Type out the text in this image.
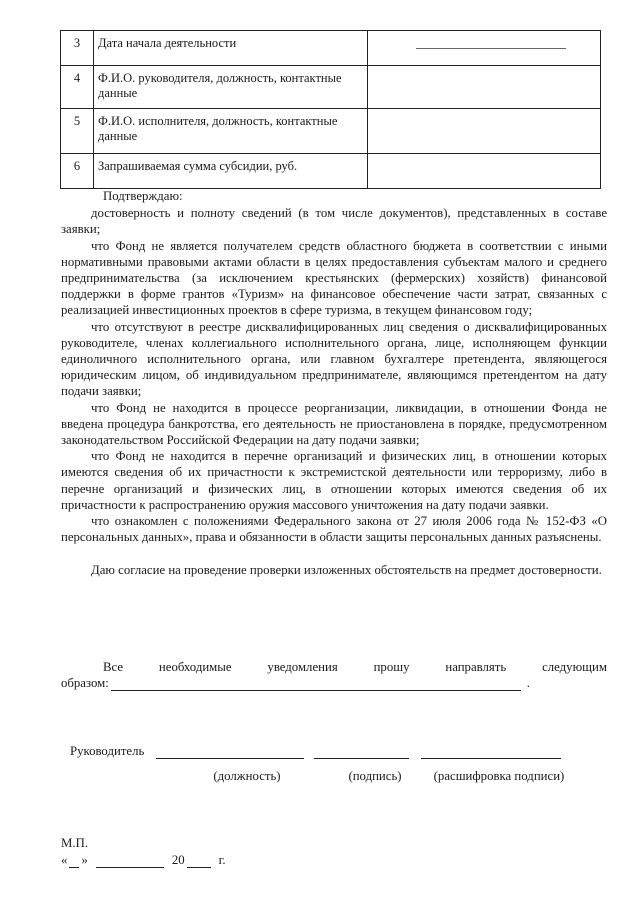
3	Дата начала деятельности	

4	Ф.И.О. руководителя, должность, контактные данные	
5	Ф.И.О. исполнителя, должность, контактные данные	
6	Запрашиваемая сумма субсидии, руб.	

Подтверждаю:

достоверность и полноту сведений (в том числе документов), представленных в составе заявки;

что Фонд не является получателем средств областного бюджета в соответствии с иными нормативными правовыми актами области в целях предоставления субъектам малого и среднего предпринимательства (за исключением крестьянских (фермерских) хозяйств) финансовой поддержки в форме грантов «Туризм» на финансовое обеспечение части затрат, связанных с реализацией инвестиционных проектов в сфере туризма, в текущем финансовом году;

что отсутствуют в реестре дисквалифицированных лиц сведения о дисквалифицированных руководителе, членах коллегиального исполнительного органа, лице, исполняющем функции единоличного исполнительного органа, или главном бухгалтере претендента, являющегося юридическим лицом, об индивидуальном предпринимателе, являющимся претендентом на дату подачи заявки;

что Фонд не находится в процессе реорганизации, ликвидации, в отношении Фонда не введена процедура банкротства, его деятельность не приостановлена в порядке, предусмотренном законодательством Российской Федерации на дату подачи заявки;

что Фонд не находится в перечне организаций и физических лиц, в отношении которых имеются сведения об их причастности к экстремистской деятельности или терроризму, либо в перечне организаций и физических лиц, в отношении которых имеются сведения об их причастности к распространению оружия массового уничтожения на дату подачи заявки.

что ознакомлен с положениями Федерального закона от 27 июля 2006 года № 152-ФЗ «О персональных данных», права и обязанности в области защиты персональных данных разъяснены.

Даю согласие на проведение проверки изложенных обстоятельств на предмет достоверности.

Все	необходимые	уведомления	прошу	направлять	следующим
образом:	.
Руководитель
(должность)	(подпись)	(расшифровка подписи)
М.П.
« »	20	г.
